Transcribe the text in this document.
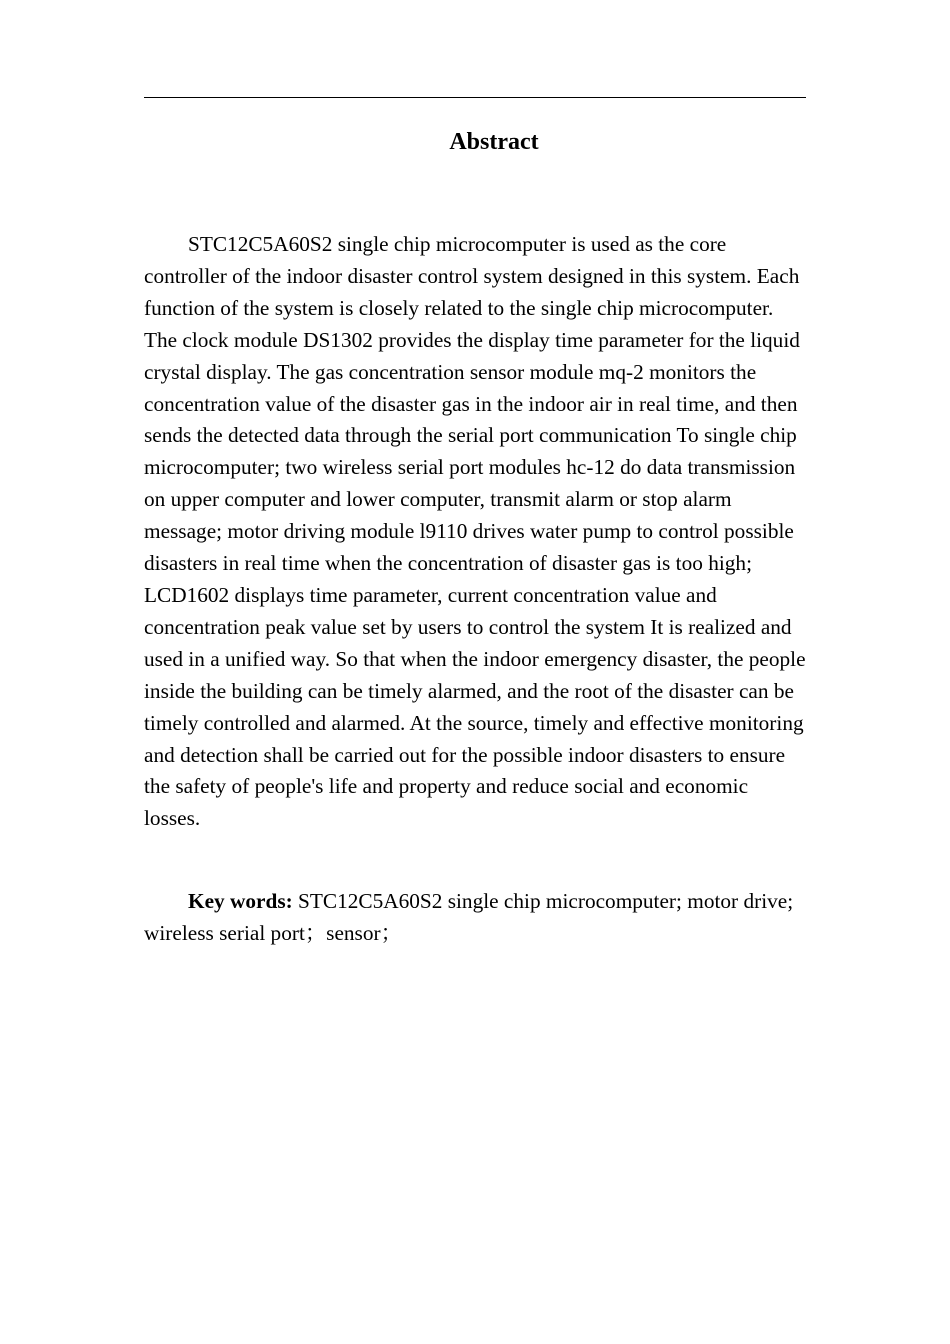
Abstract

STC12C5A60S2 single chip microcomputer is used as the core controller of the indoor disaster control system designed in this system. Each function of the system is closely related to the single chip microcomputer. The clock module DS1302 provides the display time parameter for the liquid crystal display. The gas concentration sensor module mq-2 monitors the concentration value of the disaster gas in the indoor air in real time, and then sends the detected data through the serial port communication To single chip microcomputer; two wireless serial port modules hc-12 do data transmission on upper computer and lower computer, transmit alarm or stop alarm message; motor driving module l9110 drives water pump to control possible disasters in real time when the concentration of disaster gas is too high; LCD1602 displays time parameter, current concentration value and concentration peak value set by users to control the system It is realized and used in a unified way. So that when the indoor emergency disaster, the people inside the building can be timely alarmed, and the root of the disaster can be timely controlled and alarmed. At the source, timely and effective monitoring and detection shall be carried out for the possible indoor disasters to ensure the safety of people's life and property and reduce social and economic losses.

Key words: STC12C5A60S2 single chip microcomputer; motor drive; wireless serial port；sensor；
